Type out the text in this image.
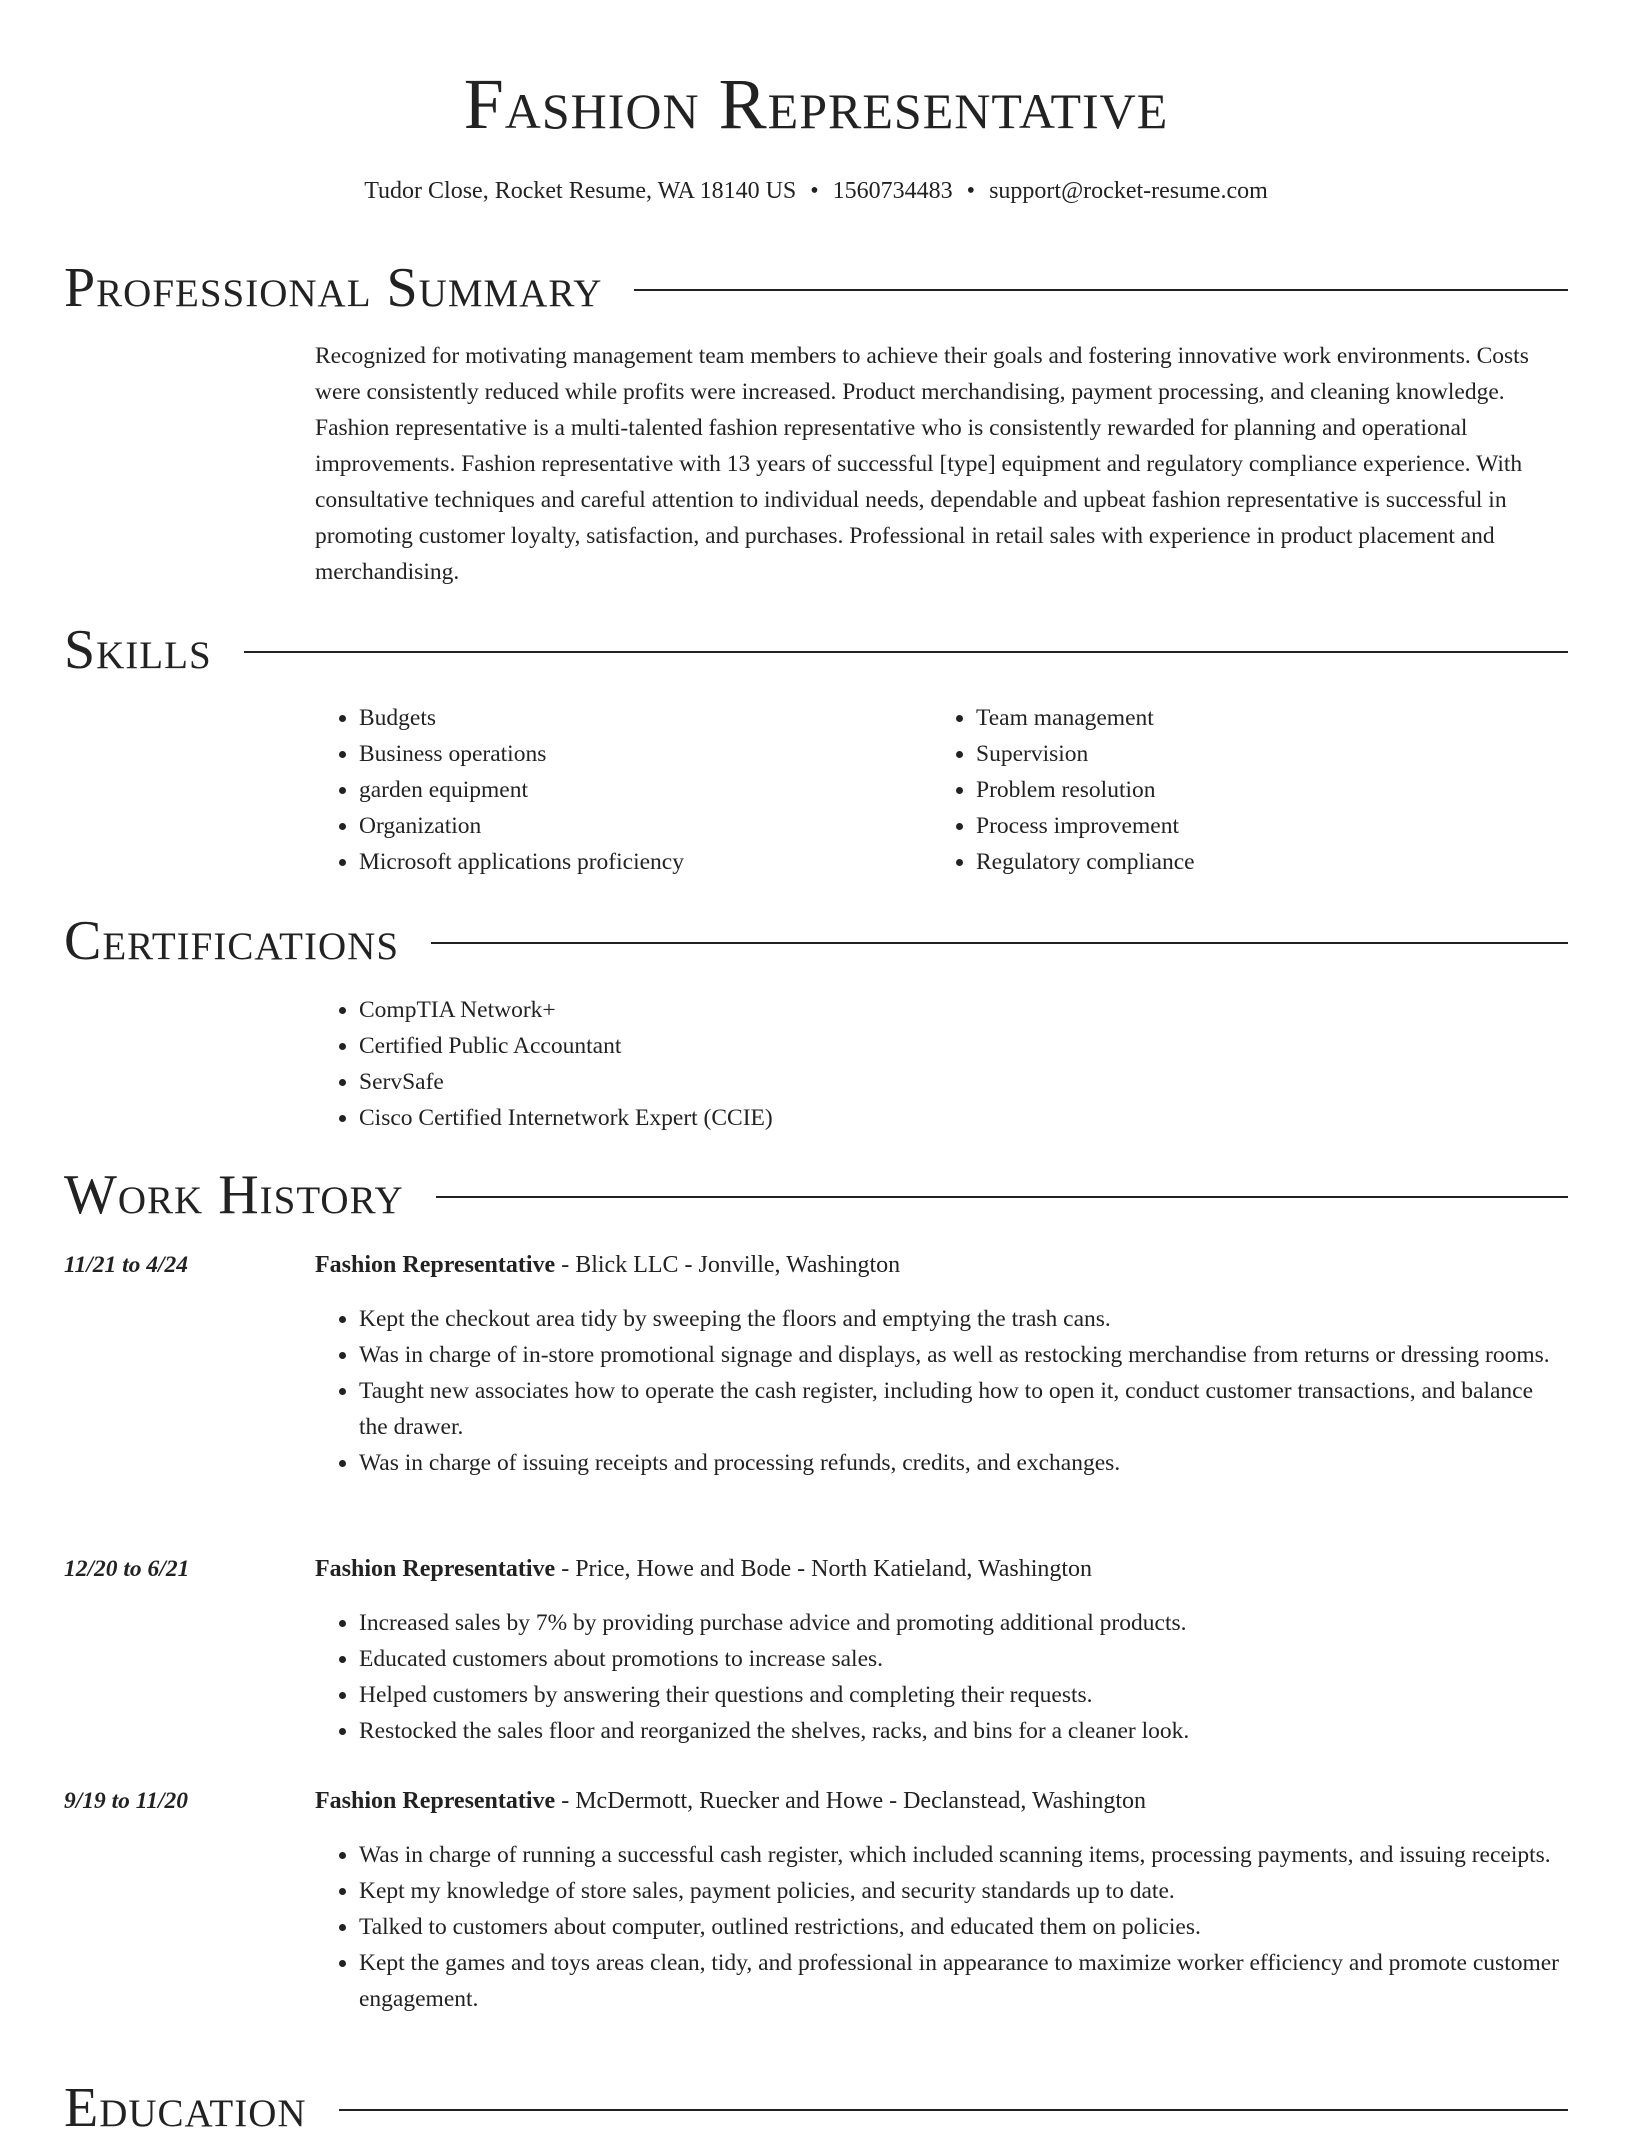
Fashion Representative
Tudor Close, Rocket Resume, WA 18140 US • 1560734483 • support@rocket-resume.com
Professional Summary
Recognized for motivating management team members to achieve their goals and fostering innovative work environments. Costs were consistently reduced while profits were increased. Product merchandising, payment processing, and cleaning knowledge. Fashion representative is a multi-talented fashion representative who is consistently rewarded for planning and operational improvements. Fashion representative with 13 years of successful [type] equipment and regulatory compliance experience. With consultative techniques and careful attention to individual needs, dependable and upbeat fashion representative is successful in promoting customer loyalty, satisfaction, and purchases. Professional in retail sales with experience in product placement and merchandising.
Skills
• Budgets
• Business operations
• garden equipment
• Organization
• Microsoft applications proficiency
• Team management
• Supervision
• Problem resolution
• Process improvement
• Regulatory compliance
Certifications
• CompTIA Network+
• Certified Public Accountant
• ServSafe
• Cisco Certified Internetwork Expert (CCIE)
Work History
11/21 to 4/24	Fashion Representative - Blick LLC - Jonville, Washington
• Kept the checkout area tidy by sweeping the floors and emptying the trash cans.
• Was in charge of in-store promotional signage and displays, as well as restocking merchandise from returns or dressing rooms.
• Taught new associates how to operate the cash register, including how to open it, conduct customer transactions, and balance the drawer.
• Was in charge of issuing receipts and processing refunds, credits, and exchanges.
12/20 to 6/21	Fashion Representative - Price, Howe and Bode - North Katieland, Washington
• Increased sales by 7% by providing purchase advice and promoting additional products.
• Educated customers about promotions to increase sales.
• Helped customers by answering their questions and completing their requests.
• Restocked the sales floor and reorganized the shelves, racks, and bins for a cleaner look.
9/19 to 11/20	Fashion Representative - McDermott, Ruecker and Howe - Declanstead, Washington
• Was in charge of running a successful cash register, which included scanning items, processing payments, and issuing receipts.
• Kept my knowledge of store sales, payment policies, and security standards up to date.
• Talked to customers about computer, outlined restrictions, and educated them on policies.
• Kept the games and toys areas clean, tidy, and professional in appearance to maximize worker efficiency and promote customer engagement.
Education
